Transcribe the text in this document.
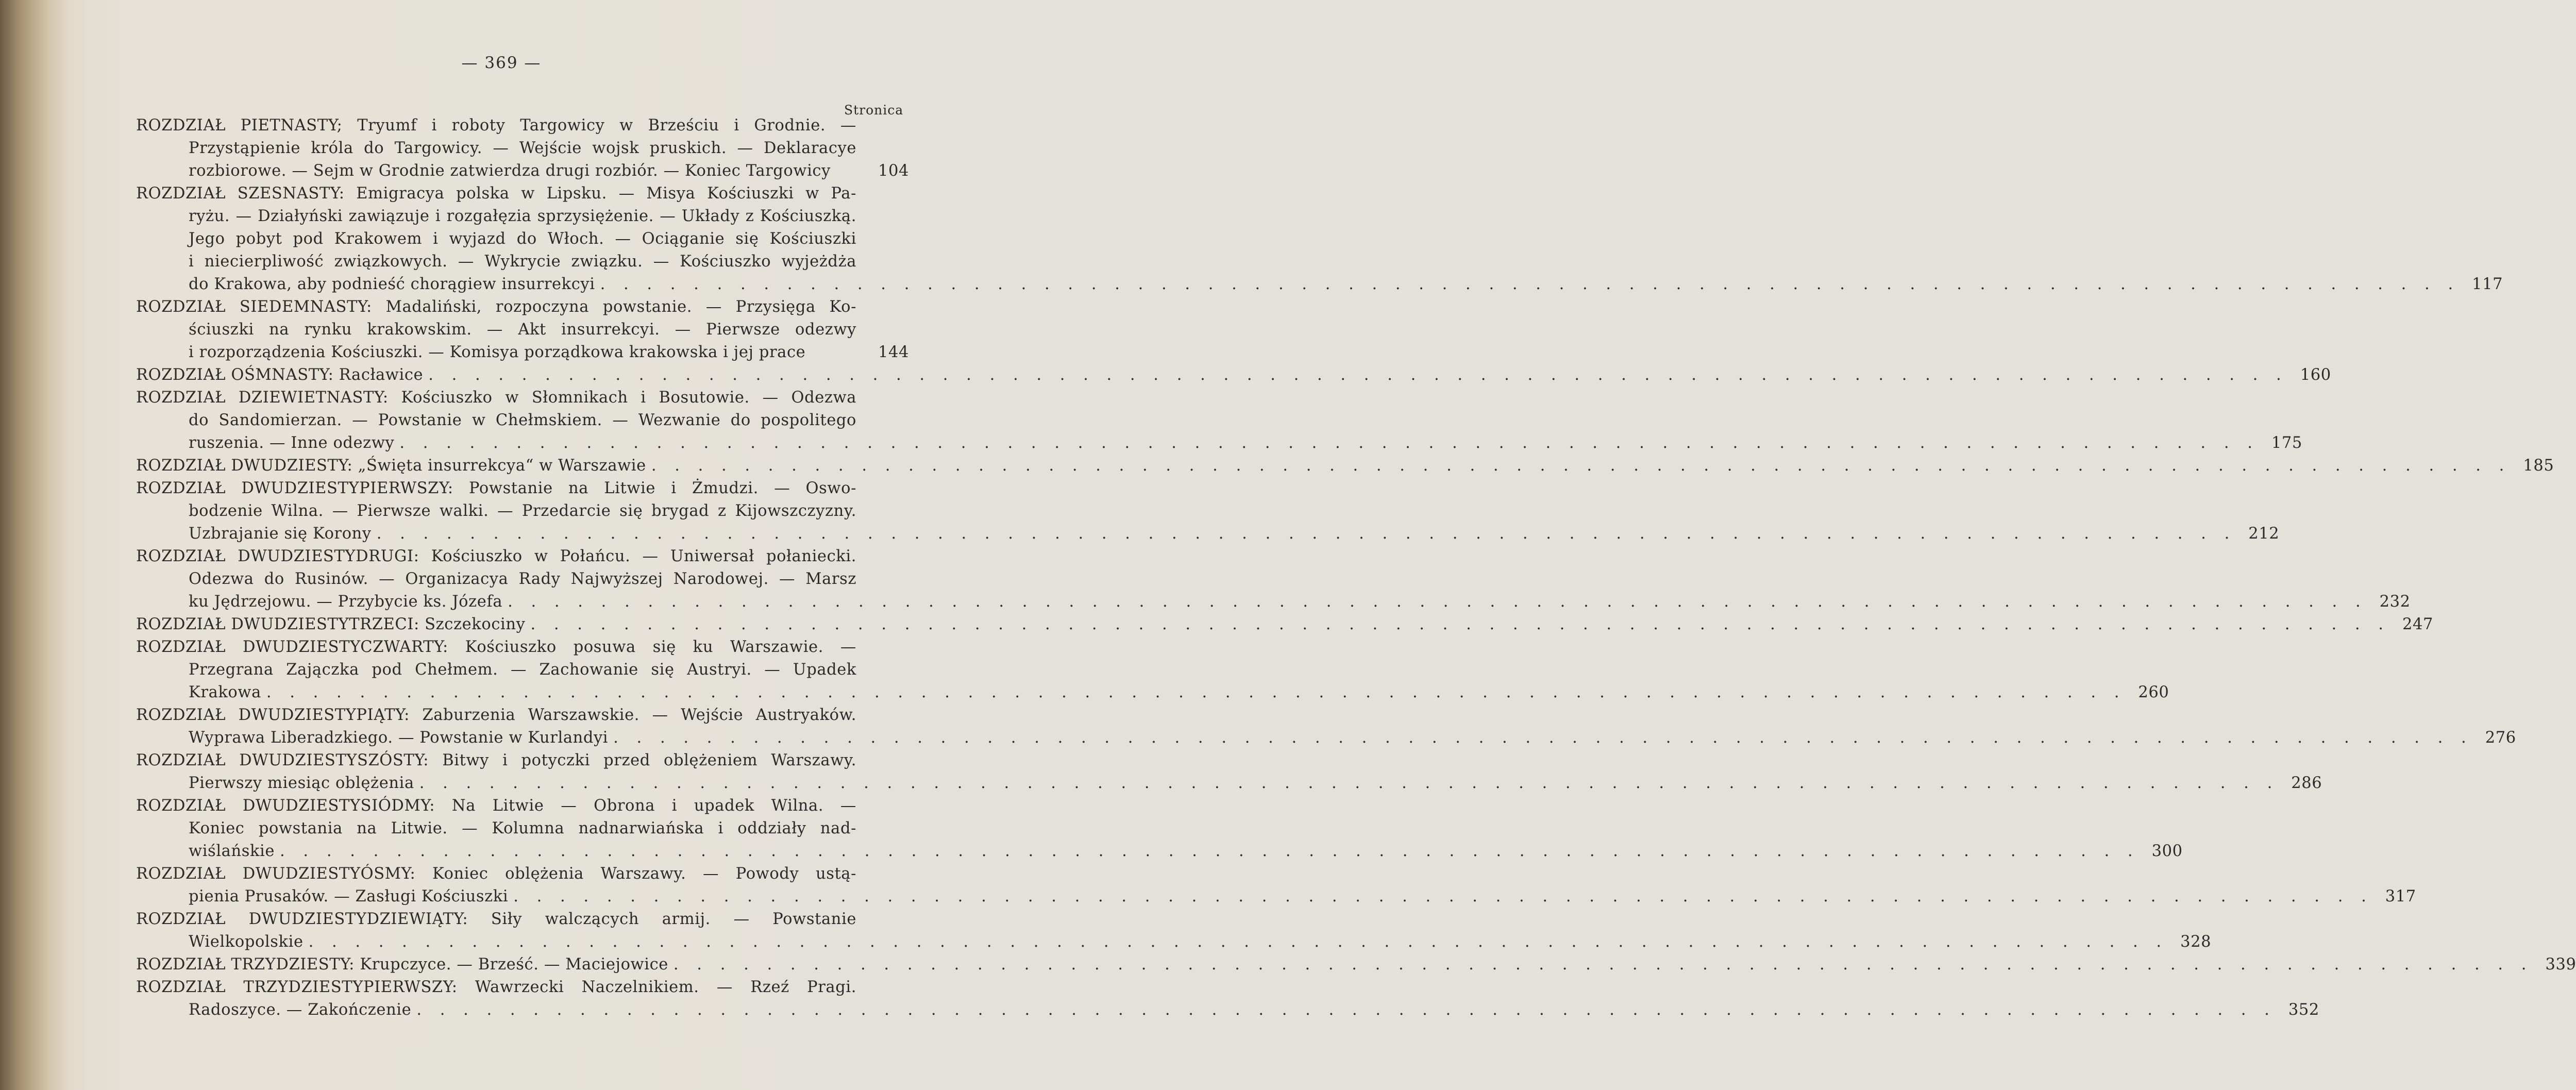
— 369 —
Stronica
ROZDZIAŁ PIETNASTY; Tryumf i roboty Targowicy w Brześciu i Grodnie. —
Przystąpienie króla do Targowicy. — Wejście wojsk pruskich. — Deklaracye
rozbiorowe. — Sejm w Grodnie zatwierdza drugi rozbiór. — Koniec Targowicy	104
ROZDZIAŁ SZESNASTY: Emigracya polska w Lipsku. — Misya Kościuszki w Pa-
ryżu. — Działyński zawiązuje i rozgałęzia sprzysiężenie. — Układy z Kościuszką.
Jego pobyt pod Krakowem i wyjazd do Włoch. — Ociąganie się Kościuszki
i niecierpliwość związkowych. — Wykrycie związku. — Kościuszko wyjeżdża
do Krakowa, aby podnieść chorągiew insurrekcyi . . . . . . . . . . . . . . . . . . . . . . . . . . . . . . . . . . . . . . . . . . . . . . . . . . . . . . . . . . . . . . . . . . . . . . . . . . . . . . . . 117
ROZDZIAŁ SIEDEMNASTY: Madaliński, rozpoczyna powstanie. — Przysięga Ko-
ściuszki na rynku krakowskim. — Akt insurrekcyi. — Pierwsze odezwy
i rozporządzenia Kościuszki. — Komisya porządkowa krakowska i jej prace	144
ROZDZIAŁ OŚMNASTY: Racławice . . . . . . . . . . . . . . . . . . . . . . . . . . . . . . . . . . . . . . . . . . . . . . . . . . . . . . . . . . . . . . . . . . . . . . . . . . . . . . . . 160
ROZDZIAŁ DZIEWIETNASTY: Kościuszko w Słomnikach i Bosutowie. — Odezwa
do Sandomierzan. — Powstanie w Chełmskiem. — Wezwanie do pospolitego
ruszenia. — Inne odezwy . . . . . . . . . . . . . . . . . . . . . . . . . . . . . . . . . . . . . . . . . . . . . . . . . . . . . . . . . . . . . . . . . . . . . . . . . . . . . . . . 175
ROZDZIAŁ DWUDZIESTY: „Święta insurrekcya“ w Warszawie . . . . . . . . . . . . . . . . . . . . . . . . . . . . . . . . . . . . . . . . . . . . . . . . . . . . . . . . . . . . . . . . . . . . . . . . . . . . . . . . 185
ROZDZIAŁ DWUDZIESTYPIERWSZY: Powstanie na Litwie i Żmudzi. — Oswo-
bodzenie Wilna. — Pierwsze walki. — Przedarcie się brygad z Kijowszczyzny.
Uzbrajanie się Korony . . . . . . . . . . . . . . . . . . . . . . . . . . . . . . . . . . . . . . . . . . . . . . . . . . . . . . . . . . . . . . . . . . . . . . . . . . . . . . . . 212
ROZDZIAŁ DWUDZIESTYDRUGI: Kościuszko w Połańcu. — Uniwersał połaniecki.
Odezwa do Rusinów. — Organizacya Rady Najwyższej Narodowej. — Marsz
ku Jędrzejowu. — Przybycie ks. Józefa . . . . . . . . . . . . . . . . . . . . . . . . . . . . . . . . . . . . . . . . . . . . . . . . . . . . . . . . . . . . . . . . . . . . . . . . . . . . . . . . 232
ROZDZIAŁ DWUDZIESTYTRZECI: Szczekociny . . . . . . . . . . . . . . . . . . . . . . . . . . . . . . . . . . . . . . . . . . . . . . . . . . . . . . . . . . . . . . . . . . . . . . . . . . . . . . . . 247
ROZDZIAŁ DWUDZIESTYCZWARTY: Kościuszko posuwa się ku Warszawie. —
Przegrana Zajączka pod Chełmem. — Zachowanie się Austryi. — Upadek
Krakowa . . . . . . . . . . . . . . . . . . . . . . . . . . . . . . . . . . . . . . . . . . . . . . . . . . . . . . . . . . . . . . . . . . . . . . . . . . . . . . . . 260
ROZDZIAŁ DWUDZIESTYPIĄTY: Zaburzenia Warszawskie. — Wejście Austryaków.
Wyprawa Liberadzkiego. — Powstanie w Kurlandyi . . . . . . . . . . . . . . . . . . . . . . . . . . . . . . . . . . . . . . . . . . . . . . . . . . . . . . . . . . . . . . . . . . . . . . . . . . . . . . . . 276
ROZDZIAŁ DWUDZIESTYSZÓSTY: Bitwy i potyczki przed oblężeniem Warszawy.
Pierwszy miesiąc oblężenia . . . . . . . . . . . . . . . . . . . . . . . . . . . . . . . . . . . . . . . . . . . . . . . . . . . . . . . . . . . . . . . . . . . . . . . . . . . . . . . . 286
ROZDZIAŁ DWUDZIESTYSIÓDMY: Na Litwie — Obrona i upadek Wilna. —
Koniec powstania na Litwie. — Kolumna nadnarwiańska i oddziały nad-
wiślańskie . . . . . . . . . . . . . . . . . . . . . . . . . . . . . . . . . . . . . . . . . . . . . . . . . . . . . . . . . . . . . . . . . . . . . . . . . . . . . . . . 300
ROZDZIAŁ DWUDZIESTYÓSMY: Koniec oblężenia Warszawy. — Powody ustą-
pienia Prusaków. — Zasługi Kościuszki . . . . . . . . . . . . . . . . . . . . . . . . . . . . . . . . . . . . . . . . . . . . . . . . . . . . . . . . . . . . . . . . . . . . . . . . . . . . . . . . 317
ROZDZIAŁ DWUDZIESTYDZIEWIĄTY: Siły walczących armij. — Powstanie
Wielkopolskie . . . . . . . . . . . . . . . . . . . . . . . . . . . . . . . . . . . . . . . . . . . . . . . . . . . . . . . . . . . . . . . . . . . . . . . . . . . . . . . . 328
ROZDZIAŁ TRZYDZIESTY: Krupczyce. — Brześć. — Maciejowice . . . . . . . . . . . . . . . . . . . . . . . . . . . . . . . . . . . . . . . . . . . . . . . . . . . . . . . . . . . . . . . . . . . . . . . . . . . . . . . . 339
ROZDZIAŁ TRZYDZIESTYPIERWSZY: Wawrzecki Naczelnikiem. — Rzeź Pragi.
Radoszyce. — Zakończenie . . . . . . . . . . . . . . . . . . . . . . . . . . . . . . . . . . . . . . . . . . . . . . . . . . . . . . . . . . . . . . . . . . . . . . . . . . . . . . . . 352
